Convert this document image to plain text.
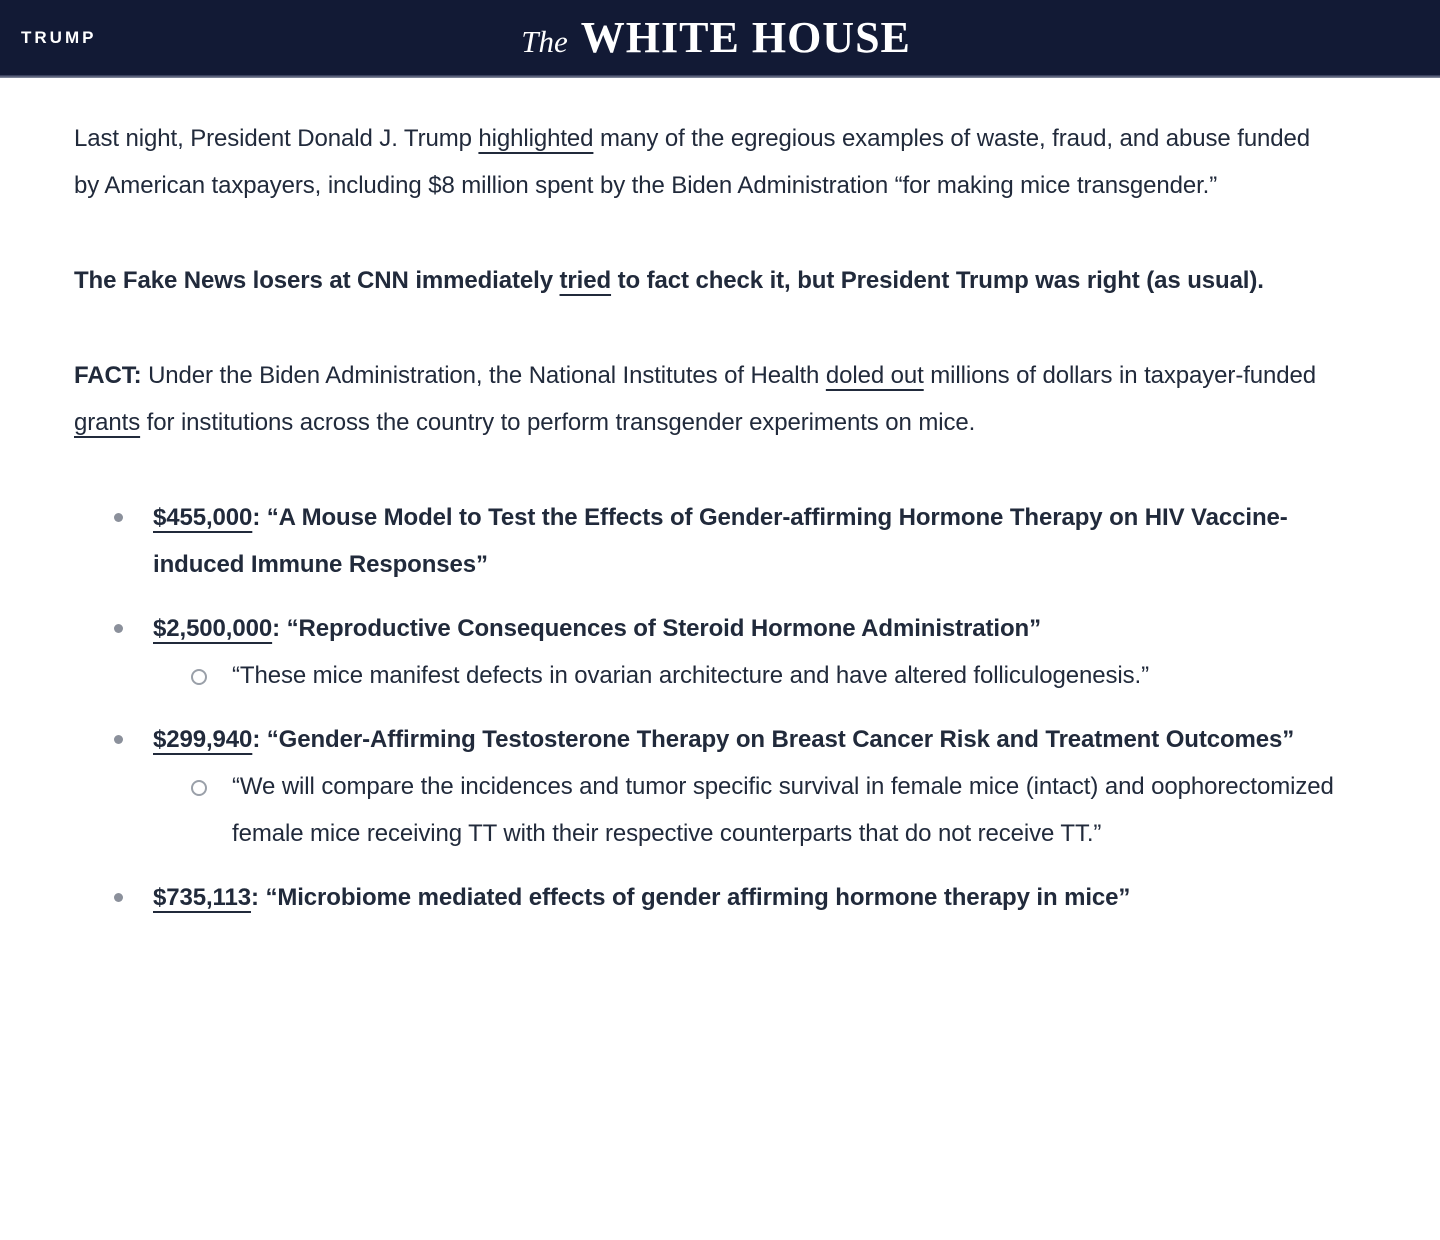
TRUMP	The WHITE HOUSE

Last night, President Donald J. Trump highlighted many of the egregious examples of waste, fraud, and abuse funded by American taxpayers, including $8 million spent by the Biden Administration “for making mice transgender.”

The Fake News losers at CNN immediately tried to fact check it, but President Trump was right (as usual).

FACT: Under the Biden Administration, the National Institutes of Health doled out millions of dollars in taxpayer-funded grants for institutions across the country to perform transgender experiments on mice.

$455,000: “A Mouse Model to Test the Effects of Gender-affirming Hormone Therapy on HIV Vaccine-induced Immune Responses”
$2,500,000: “Reproductive Consequences of Steroid Hormone Administration”
“These mice manifest defects in ovarian architecture and have altered folliculogenesis.”
$299,940: “Gender-Affirming Testosterone Therapy on Breast Cancer Risk and Treatment Outcomes”
“We will compare the incidences and tumor specific survival in female mice (intact) and oophorectomized female mice receiving TT with their respective counterparts that do not receive TT.”
$735,113: “Microbiome mediated effects of gender affirming hormone therapy in mice”
